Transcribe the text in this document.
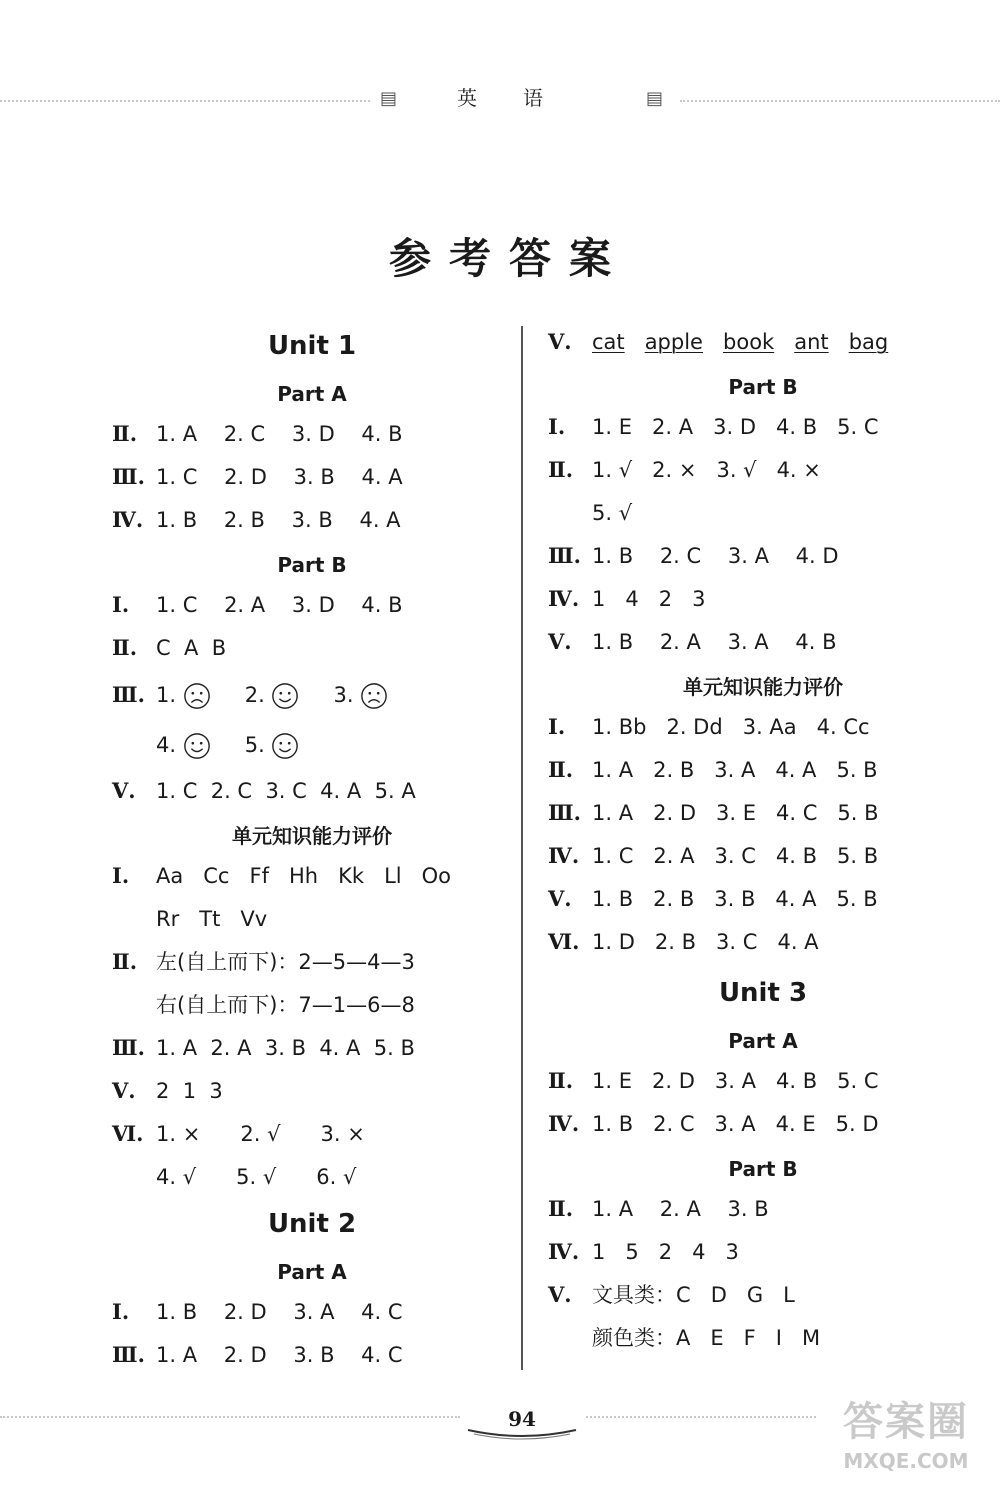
▤	英语	▤
参考答案
Unit 1
Part A
Ⅱ. 1. A    2. C    3. D    4. B
Ⅲ. 1. C    2. D    3. B    4. A
Ⅳ. 1. B    2. B    3. B    4. A
Part B
Ⅰ. 1. C    2. A    3. D    4. B
Ⅱ. C  A  B
Ⅲ. 1.	2.	3.
4.	5.
Ⅴ. 1. C  2. C  3. C  4. A  5. A
单元知识能力评价
Ⅰ. Aa   Cc   Ff   Hh   Kk   Ll   Oo
Rr   Tt   Vv
Ⅱ. 左(自上而下)：2—5—4—3
右(自上而下)：7—1—6—8
Ⅲ. 1. A  2. A  3. B  4. A  5. B
Ⅴ. 2  1  3
Ⅵ. 1. ×      2. √      3. ×
4. √      5. √      6. √
Unit 2
Part A
Ⅰ. 1. B    2. D    3. A    4. C
Ⅲ. 1. A    2. D    3. B    4. C
Ⅴ. cat apple book ant bag
Part B
Ⅰ. 1. E   2. A   3. D   4. B   5. C
Ⅱ. 1. √   2. ×   3. √   4. ×
5. √
Ⅲ. 1. B    2. C    3. A    4. D
Ⅳ. 1   4   2   3
Ⅴ. 1. B    2. A    3. A    4. B
单元知识能力评价
Ⅰ. 1. Bb   2. Dd   3. Aa   4. Cc
Ⅱ. 1. A   2. B   3. A   4. A   5. B
Ⅲ. 1. A   2. D   3. E   4. C   5. B
Ⅳ. 1. C   2. A   3. C   4. B   5. B
Ⅴ. 1. B   2. B   3. B   4. A   5. B
Ⅵ. 1. D   2. B   3. C   4. A
Unit 3
Part A
Ⅱ. 1. E   2. D   3. A   4. B   5. C
Ⅳ. 1. B   2. C   3. A   4. E   5. D
Part B
Ⅱ. 1. A    2. A    3. B
Ⅳ. 1   5   2   4   3
Ⅴ. 文具类：C   D   G   L
颜色类：A   E   F   I   M
94	答案圈
MXQE.COM
